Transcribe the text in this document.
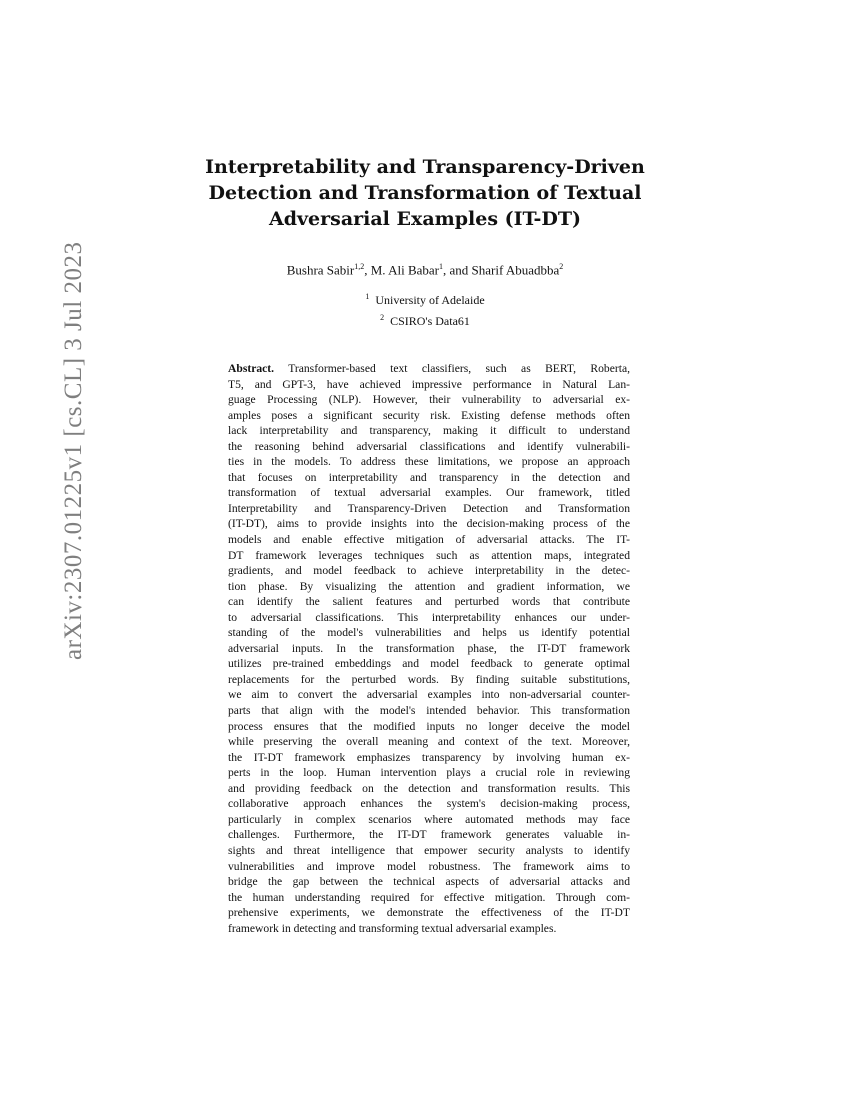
arXiv:2307.01225v1 [cs.CL] 3 Jul 2023
Interpretability and Transparency-Driven
Detection and Transformation of Textual
Adversarial Examples (IT-DT)
Bushra Sabir$^{1,2}$, M. Ali Babar$^1$, and Sharif Abuadbba$^2$
$^1$ University of Adelaide
$^2$ CSIRO's Data61
Abstract. Transformer-based text classifiers, such as BERT, Roberta,
T5, and GPT-3, have achieved impressive performance in Natural Lan-
guage Processing (NLP). However, their vulnerability to adversarial ex-
amples poses a significant security risk. Existing defense methods often
lack interpretability and transparency, making it difficult to understand
the reasoning behind adversarial classifications and identify vulnerabili-
ties in the models. To address these limitations, we propose an approach
that focuses on interpretability and transparency in the detection and
transformation of textual adversarial examples. Our framework, titled
Interpretability and Transparency-Driven Detection and Transformation
(IT-DT), aims to provide insights into the decision-making process of the
models and enable effective mitigation of adversarial attacks. The IT-
DT framework leverages techniques such as attention maps, integrated
gradients, and model feedback to achieve interpretability in the detec-
tion phase. By visualizing the attention and gradient information, we
can identify the salient features and perturbed words that contribute
to adversarial classifications. This interpretability enhances our under-
standing of the model's vulnerabilities and helps us identify potential
adversarial inputs. In the transformation phase, the IT-DT framework
utilizes pre-trained embeddings and model feedback to generate optimal
replacements for the perturbed words. By finding suitable substitutions,
we aim to convert the adversarial examples into non-adversarial counter-
parts that align with the model's intended behavior. This transformation
process ensures that the modified inputs no longer deceive the model
while preserving the overall meaning and context of the text. Moreover,
the IT-DT framework emphasizes transparency by involving human ex-
perts in the loop. Human intervention plays a crucial role in reviewing
and providing feedback on the detection and transformation results. This
collaborative approach enhances the system's decision-making process,
particularly in complex scenarios where automated methods may face
challenges. Furthermore, the IT-DT framework generates valuable in-
sights and threat intelligence that empower security analysts to identify
vulnerabilities and improve model robustness. The framework aims to
bridge the gap between the technical aspects of adversarial attacks and
the human understanding required for effective mitigation. Through com-
prehensive experiments, we demonstrate the effectiveness of the IT-DT
framework in detecting and transforming textual adversarial examples.
